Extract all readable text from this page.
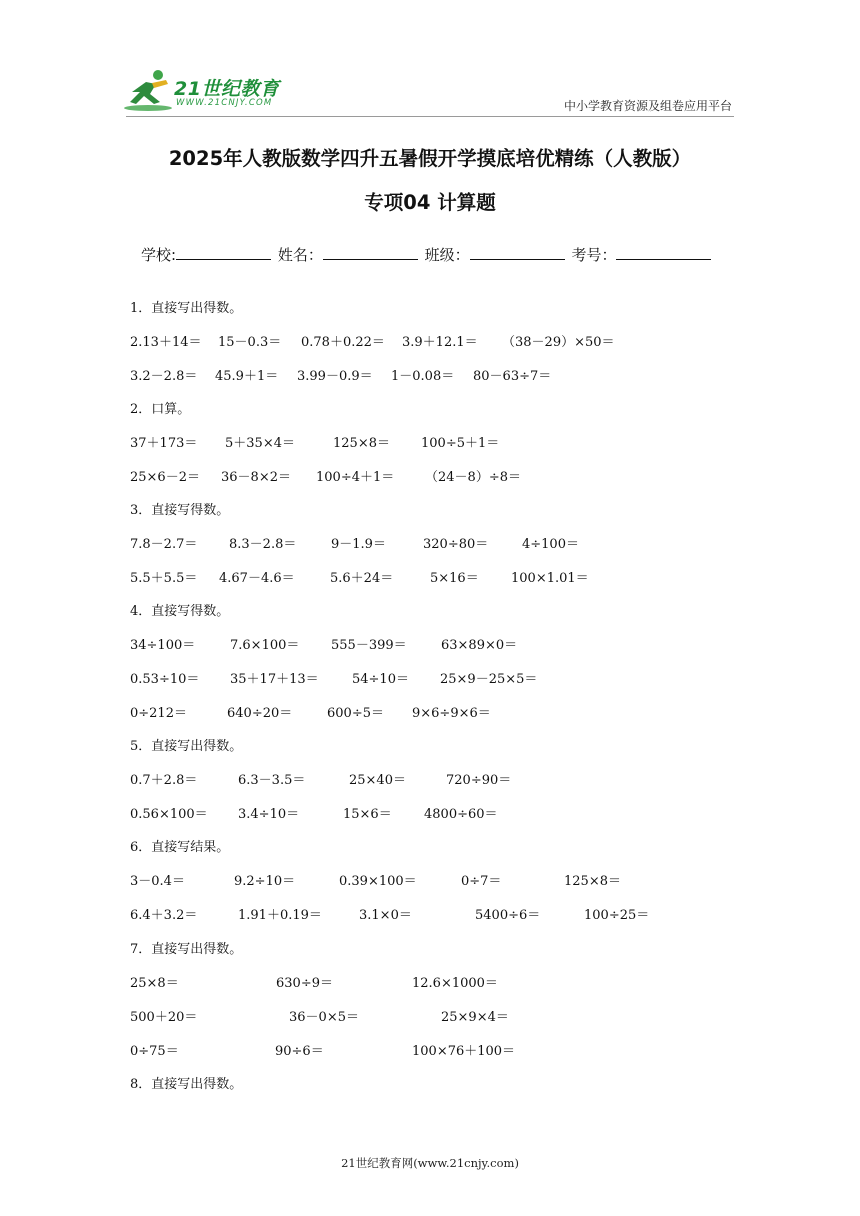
21世纪教育
WWW.21CNJY.COM	中小学教育资源及组卷应用平台
2025年人教版数学四升五暑假开学摸底培优精练（人教版）
专项04 计算题
学校:	姓名：	班级：	考号：
1．直接写出得数。
2.13＋14＝ 15－0.3＝ 0.78＋0.22＝ 3.9＋12.1＝ （38－29）×50＝
3.2－2.8＝ 45.9＋1＝ 3.99－0.9＝ 1－0.08＝ 80－63÷7＝
2．口算。
37＋173＝ 5＋35×4＝	125×8＝ 100÷5＋1＝
25×6－2＝ 36－8×2＝ 100÷4＋1＝ （24－8）÷8＝
3．直接写得数。
7.8－2.7＝ 8.3－2.8＝	9－1.9＝	320÷80＝	4÷100＝
5.5＋5.5＝ 4.67－4.6＝	5.6＋24＝	5×16＝ 100×1.01＝
4．直接写得数。
34÷100＝	7.6×100＝ 555－399＝	63×89×0＝
0.53÷10＝ 35＋17＋13＝	54÷10＝ 25×9－25×5＝
0÷212＝	640÷20＝	600÷5＝ 9×6÷9×6＝
5．直接写出得数。
0.7＋2.8＝	6.3－3.5＝	25×40＝	720÷90＝
0.56×100＝ 3.4÷10＝	15×6＝ 4800÷60＝
6．直接写结果。
3－0.4＝	9.2÷10＝	0.39×100＝	0÷7＝	125×8＝
6.4＋3.2＝	1.91＋0.19＝	3.1×0＝	5400÷6＝	100÷25＝
7．直接写出得数。
25×8＝	630÷9＝	12.6×1000＝
500＋20＝	36－0×5＝	25×9×4＝
0÷75＝	90÷6＝	100×76＋100＝
8．直接写出得数。
21世纪教育网(www.21cnjy.com)
